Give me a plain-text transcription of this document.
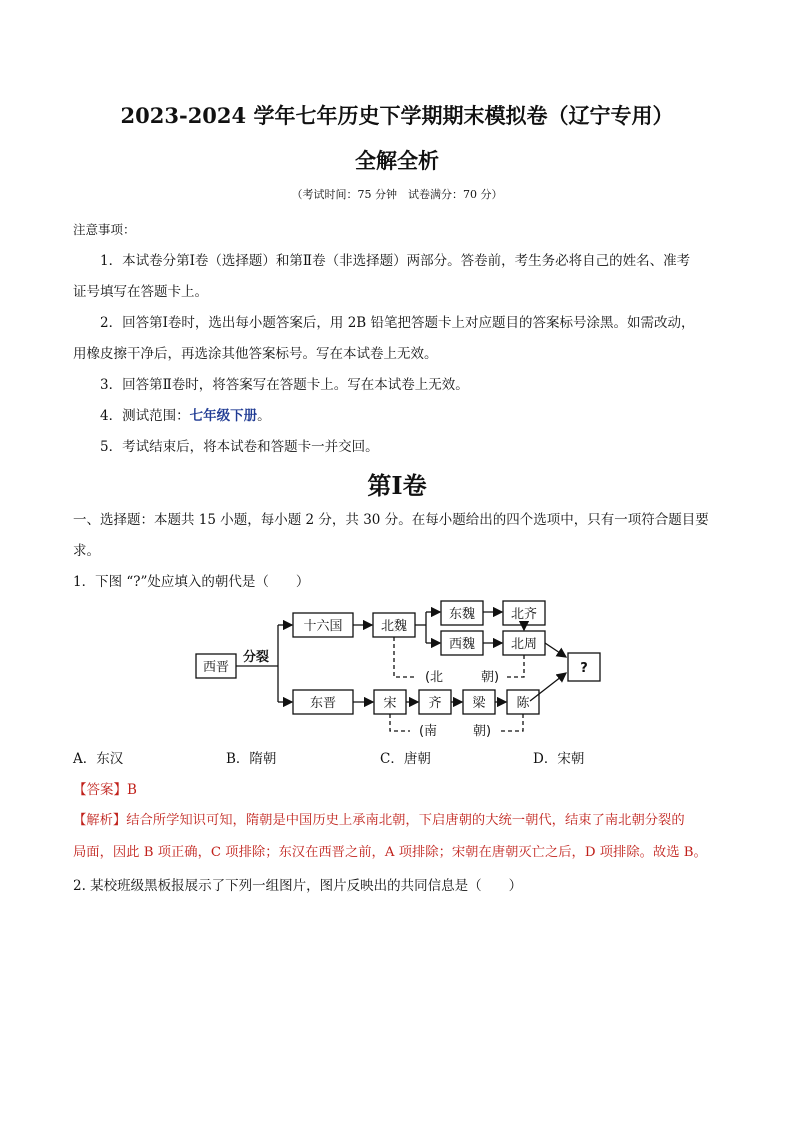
2023-2024 学年七年历史下学期期末模拟卷（辽宁专用）
全解全析
（考试时间：75 分钟　试卷满分：70 分）
注意事项：
1．本试卷分第Ⅰ卷（选择题）和第Ⅱ卷（非选择题）两部分。答卷前，考生务必将自己的姓名、准考
证号填写在答题卡上。
2．回答第Ⅰ卷时，选出每小题答案后，用 2B 铅笔把答题卡上对应题目的答案标号涂黑。如需改动，
用橡皮擦干净后，再选涂其他答案标号。写在本试卷上无效。
3．回答第Ⅱ卷时，将答案写在答题卡上。写在本试卷上无效。
4．测试范围：七年级下册。
5．考试结束后，将本试卷和答题卡一并交回。
第Ⅰ卷
一、选择题：本题共 15 小题，每小题 2 分，共 30 分。在每小题给出的四个选项中，只有一项符合题目要
求。
1．下图 “?”处应填入的朝代是（　　）
西晋
分裂
十六国	北魏
东魏	北齐
西魏	北周
?
东晋	宋 齐 梁 陈
(北	朝)
(南	朝)
A．东汉	B．隋朝	C．唐朝	D．宋朝
【答案】B
【解析】结合所学知识可知，隋朝是中国历史上承南北朝，下启唐朝的大统一朝代，结束了南北朝分裂的
局面，因此 B 项正确，C 项排除；东汉在西晋之前，A 项排除；宋朝在唐朝灭亡之后，D 项排除。故选 B。
2. 某校班级黑板报展示了下列一组图片，图片反映出的共同信息是（　　）
